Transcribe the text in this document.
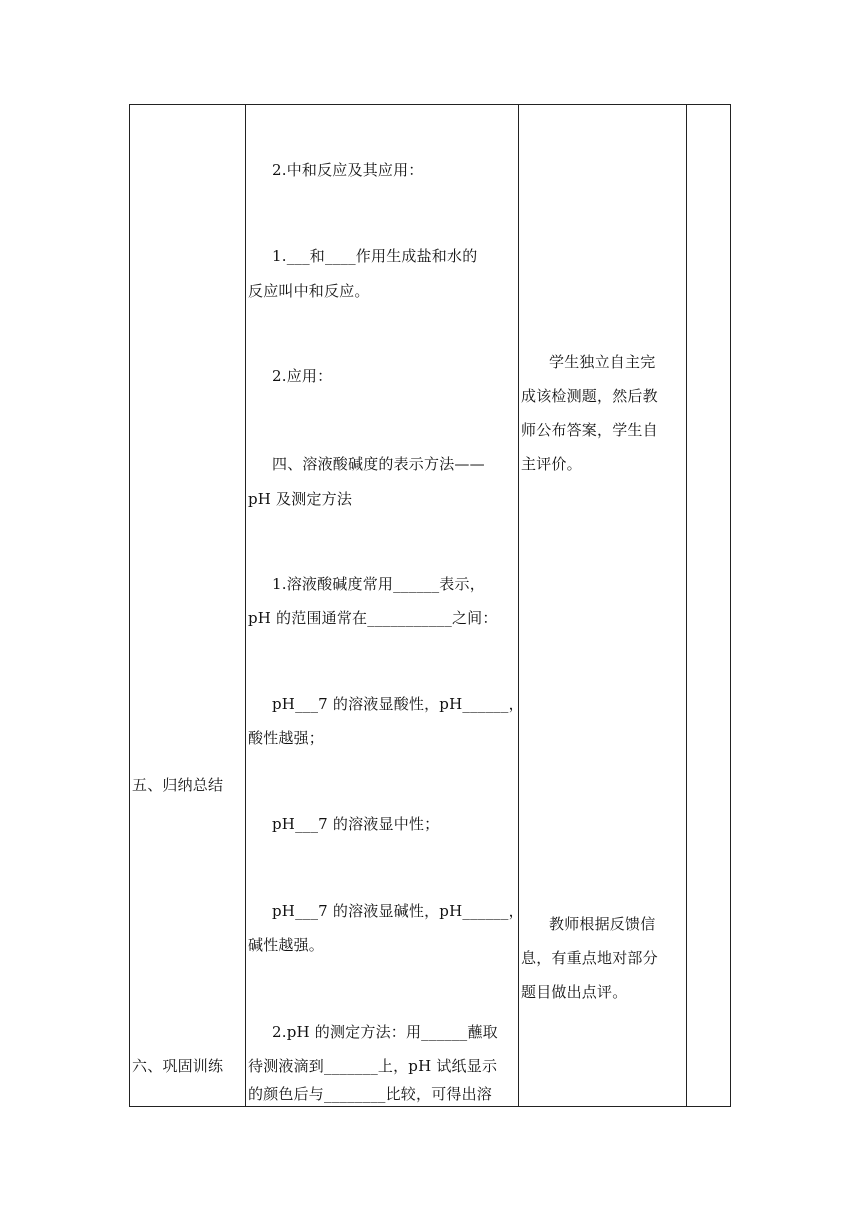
五、归纳总结
六、巩固训练
2.中和反应及其应用：
1.___和____作用生成盐和水的
反应叫中和反应。
2.应用：
四、溶液酸碱度的表示方法——
pH 及测定方法
1.溶液酸碱度常用______表示，
pH 的范围通常在___________之间：
pH___7 的溶液显酸性，pH______，
酸性越强；
pH___7 的溶液显中性；
pH___7 的溶液显碱性，pH______，
碱性越强。
2.pH 的测定方法：用______蘸取
待测液滴到_______上，pH 试纸显示
的颜色后与________比较，可得出溶
学生独立自主完
成该检测题，然后教
师公布答案，学生自
主评价。
教师根据反馈信
息，有重点地对部分
题目做出点评。
